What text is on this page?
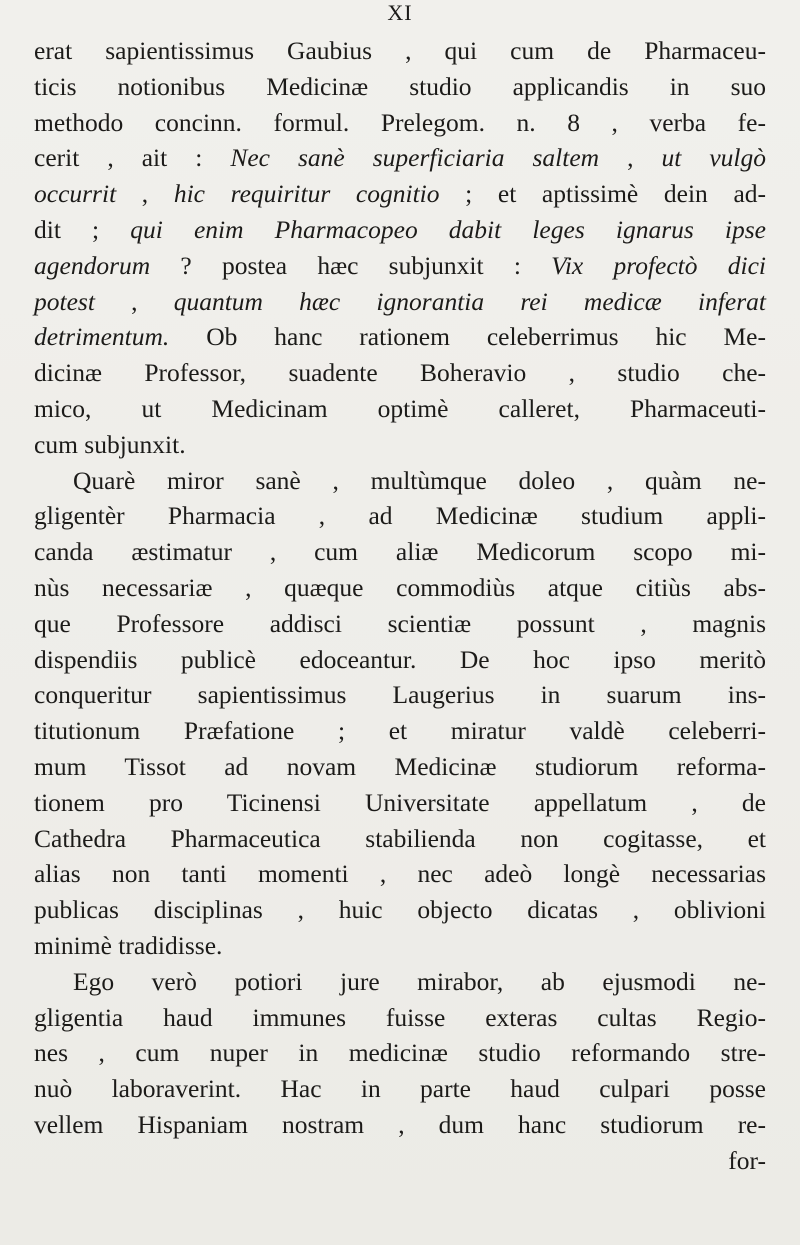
XI
erat sapientissimus Gaubius , qui cum de Pharmaceu-
ticis notionibus Medicinæ studio applicandis in suo
methodo concinn. formul. Prelegom. n. 8 , verba fe-
cerit , ait : Nec sanè superficiaria saltem , ut vulgò
occurrit , hic requiritur cognitio ; et aptissimè dein ad-
dit ; qui enim Pharmacopeo dabit leges ignarus ipse
agendorum ? postea hæc subjunxit : Vix profectò dici
potest , quantum hæc ignorantia rei medicæ inferat
detrimentum. Ob hanc rationem celeberrimus hic Me-
dicinæ Professor, suadente Boheravio , studio che-
mico, ut Medicinam optimè calleret, Pharmaceuti-
cum subjunxit.
Quarè miror sanè , multùmque doleo , quàm ne-
gligentèr Pharmacia , ad Medicinæ studium appli-
canda æstimatur , cum aliæ Medicorum scopo mi-
nùs necessariæ , quæque commodiùs atque citiùs abs-
que Professore addisci scientiæ possunt , magnis
dispendiis publicè edoceantur. De hoc ipso meritò
conqueritur sapientissimus Laugerius in suarum ins-
titutionum Præfatione ; et miratur valdè celeberri-
mum Tissot ad novam Medicinæ studiorum reforma-
tionem pro Ticinensi Universitate appellatum , de
Cathedra Pharmaceutica stabilienda non cogitasse, et
alias non tanti momenti , nec adeò longè necessarias
publicas disciplinas , huic objecto dicatas , oblivioni
minimè tradidisse.
Ego verò potiori jure mirabor, ab ejusmodi ne-
gligentia haud immunes fuisse exteras cultas Regio-
nes , cum nuper in medicinæ studio reformando stre-
nuò laboraverint. Hac in parte haud culpari posse
vellem Hispaniam nostram , dum hanc studiorum re-
for-
